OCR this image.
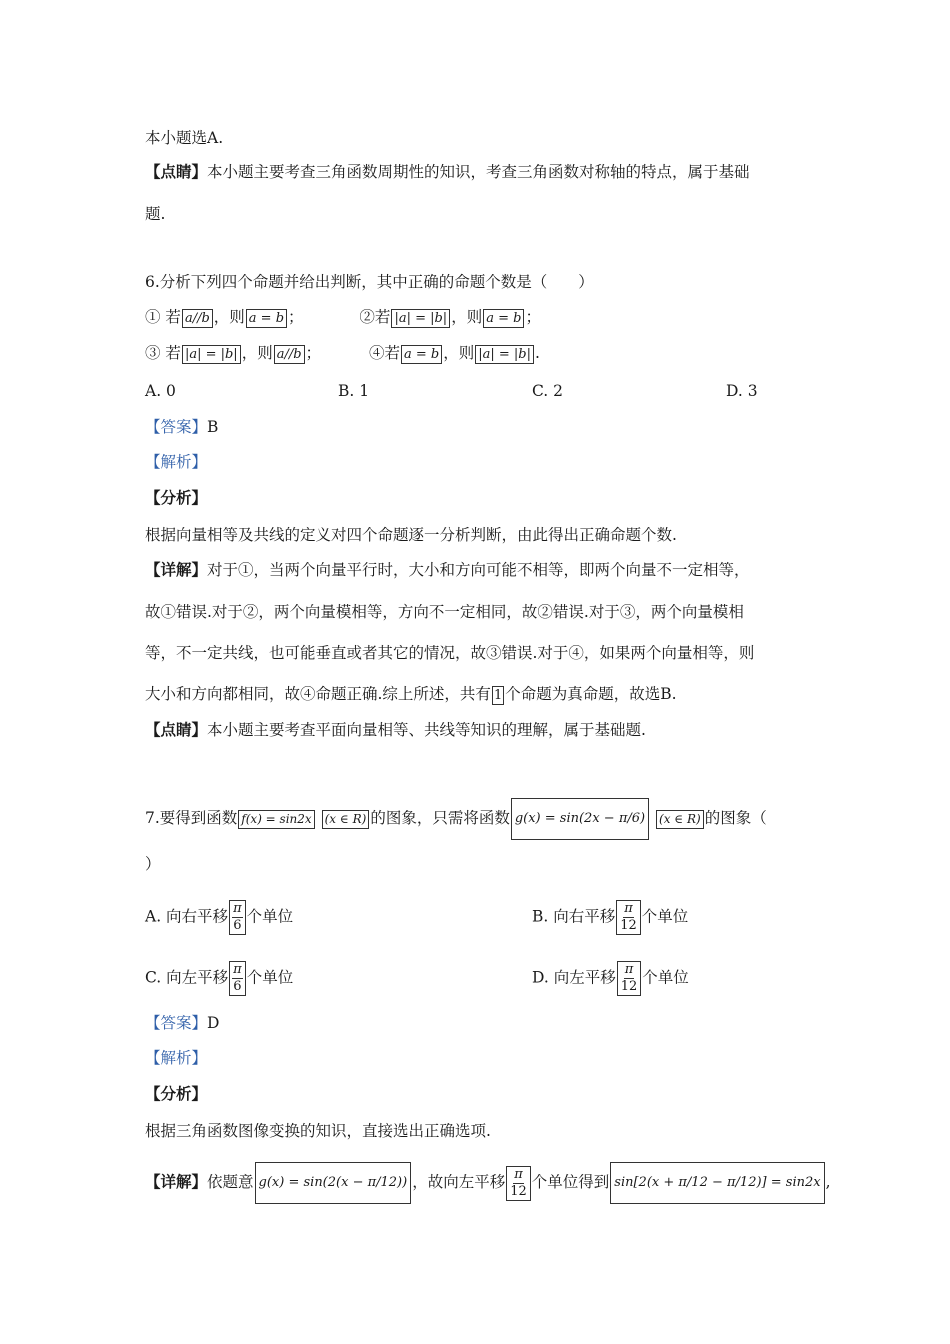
本小题选A.
【点睛】本小题主要考查三角函数周期性的知识，考查三角函数对称轴的特点，属于基础
题.
6.分析下列四个命题并给出判断，其中正确的命题个数是（　　）
① 若 a//b ，则 a = b ；	②若 |a| = |b| ，则 a = b ；
③ 若 |a| = |b| ，则 a//b ；	④若 a = b ，则 |a| = |b| .
A. 0	B. 1	C. 2	D. 3
【答案】B
【解析】
【分析】
根据向量相等及共线的定义对四个命题逐一分析判断，由此得出正确命题个数.
【详解】对于①，当两个向量平行时，大小和方向可能不相等，即两个向量不一定相等，
故①错误.对于②，两个向量模相等，方向不一定相同，故②错误.对于③，两个向量模相
等，不一定共线，也可能垂直或者其它的情况，故③错误.对于④，如果两个向量相等，则
大小和方向都相同，故④命题正确.综上所述，共有 1 个命题为真命题，故选B.
【点睛】本小题主要考查平面向量相等、共线等知识的理解，属于基础题.
7.要得到函数 f(x) = sin2x (x ∈ R) 的图象，只需将函数 g(x) = sin(2x − π/6) (x ∈ R) 的图象（
）
A. 向右平移 $\frac{\pi}{6}$ 个单位	B. 向右平移 $\frac{\pi}{12}$ 个单位
C. 向左平移 $\frac{\pi}{6}$ 个单位	D. 向左平移 $\frac{\pi}{12}$ 个单位
【答案】D
【解析】
【分析】
根据三角函数图像变换的知识，直接选出正确选项.
【详解】依题意 g(x) = sin(2(x − π/12)) ，故向左平移 $\frac{\pi}{12}$ 个单位得到 sin[2(x + π/12 − π/12)] = sin2x ,
